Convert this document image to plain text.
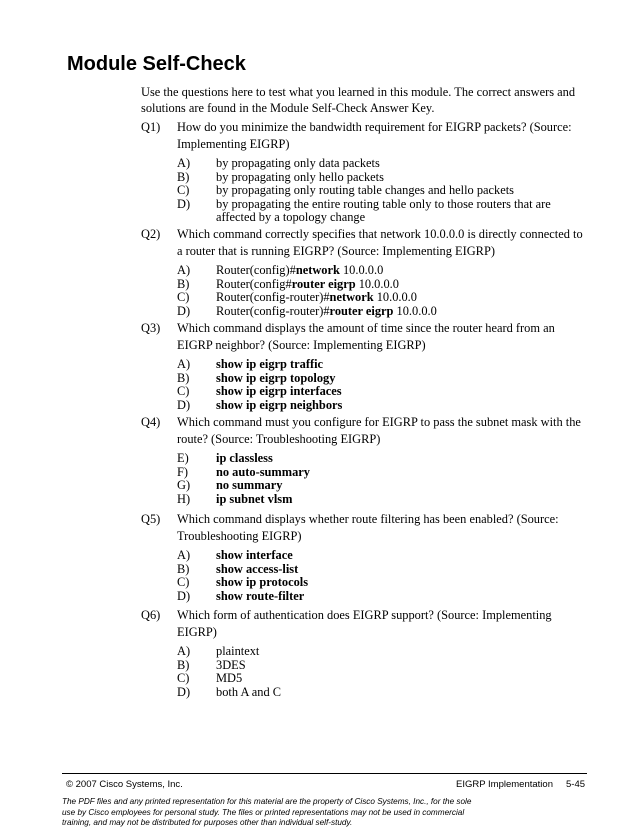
Module Self-Check
Use the questions here to test what you learned in this module. The correct answers and solutions are found in the Module Self-Check Answer Key.
Q1) How do you minimize the bandwidth requirement for EIGRP packets? (Source: Implementing EIGRP)
A) by propagating only data packets
B) by propagating only hello packets
C) by propagating only routing table changes and hello packets
D) by propagating the entire routing table only to those routers that are affected by a topology change
Q2) Which command correctly specifies that network 10.0.0.0 is directly connected to a router that is running EIGRP? (Source: Implementing EIGRP)
A) Router(config)#network 10.0.0.0
B) Router(config#router eigrp 10.0.0.0
C) Router(config-router)#network 10.0.0.0
D) Router(config-router)#router eigrp 10.0.0.0
Q3) Which command displays the amount of time since the router heard from an EIGRP neighbor? (Source: Implementing EIGRP)
A) show ip eigrp traffic
B) show ip eigrp topology
C) show ip eigrp interfaces
D) show ip eigrp neighbors
Q4) Which command must you configure for EIGRP to pass the subnet mask with the route? (Source: Troubleshooting EIGRP)
E) ip classless
F) no auto-summary
G) no summary
H) ip subnet vlsm
Q5) Which command displays whether route filtering has been enabled? (Source: Troubleshooting EIGRP)
A) show interface
B) show access-list
C) show ip protocols
D) show route-filter
Q6) Which form of authentication does EIGRP support? (Source: Implementing EIGRP)
A) plaintext
B) 3DES
C) MD5
D) both A and C
© 2007 Cisco Systems, Inc.	EIGRP Implementation 5-45
The PDF files and any printed representation for this material are the property of Cisco Systems, Inc., for the sole use by Cisco employees for personal study. The files or printed representations may not be used in commercial training, and may not be distributed for purposes other than individual self-study.
